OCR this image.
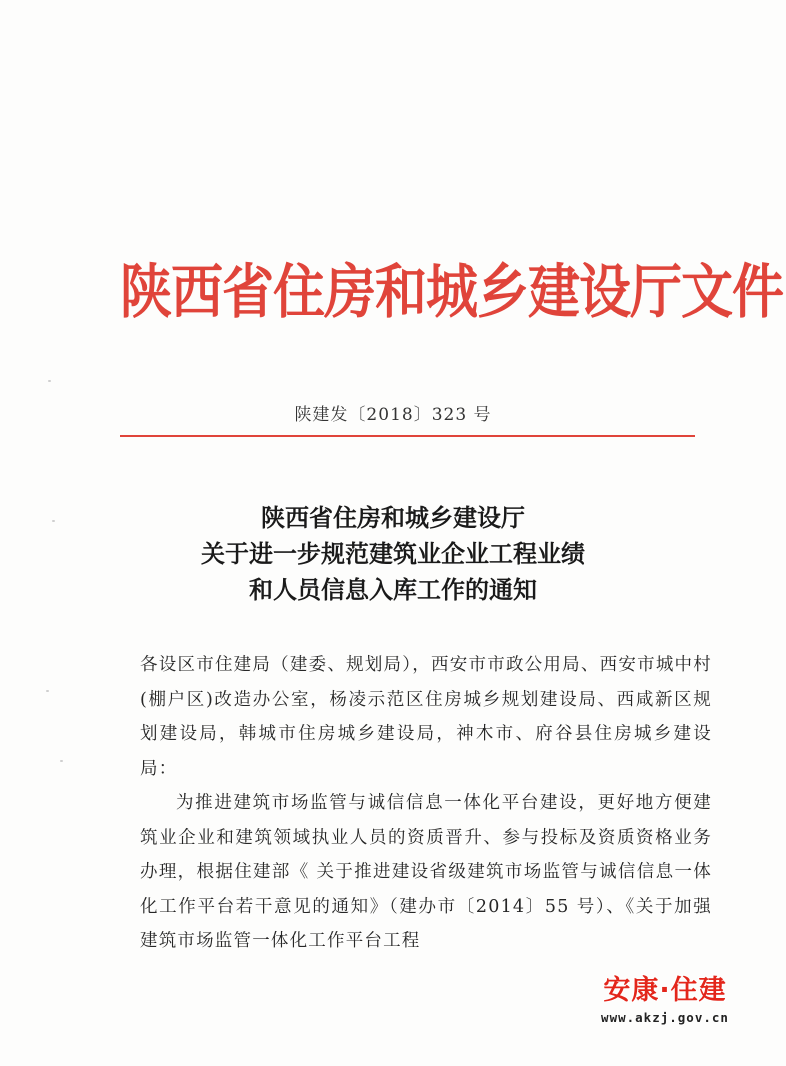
陕西省住房和城乡建设厅文件
陕建发〔2018〕323 号
陕西省住房和城乡建设厅
关于进一步规范建筑业企业工程业绩
和人员信息入库工作的通知

各设区市住建局（建委、规划局），西安市市政公用局、西安市城中村(棚户区)改造办公室，杨凌示范区住房城乡规划建设局、西咸新区规划建设局，韩城市住房城乡建设局，神木市、府谷县住房城乡建设局：

为推进建筑市场监管与诚信信息一体化平台建设，更好地方便建筑业企业和建筑领域执业人员的资质晋升、参与投标及资质资格业务办理，根据住建部《 关于推进建设省级建筑市场监管与诚信信息一体化工作平台若干意见的通知》（建办市〔2014〕55 号）、《关于加强建筑市场监管一体化工作平台工程

安康·住建
www.akzj.gov.cn
